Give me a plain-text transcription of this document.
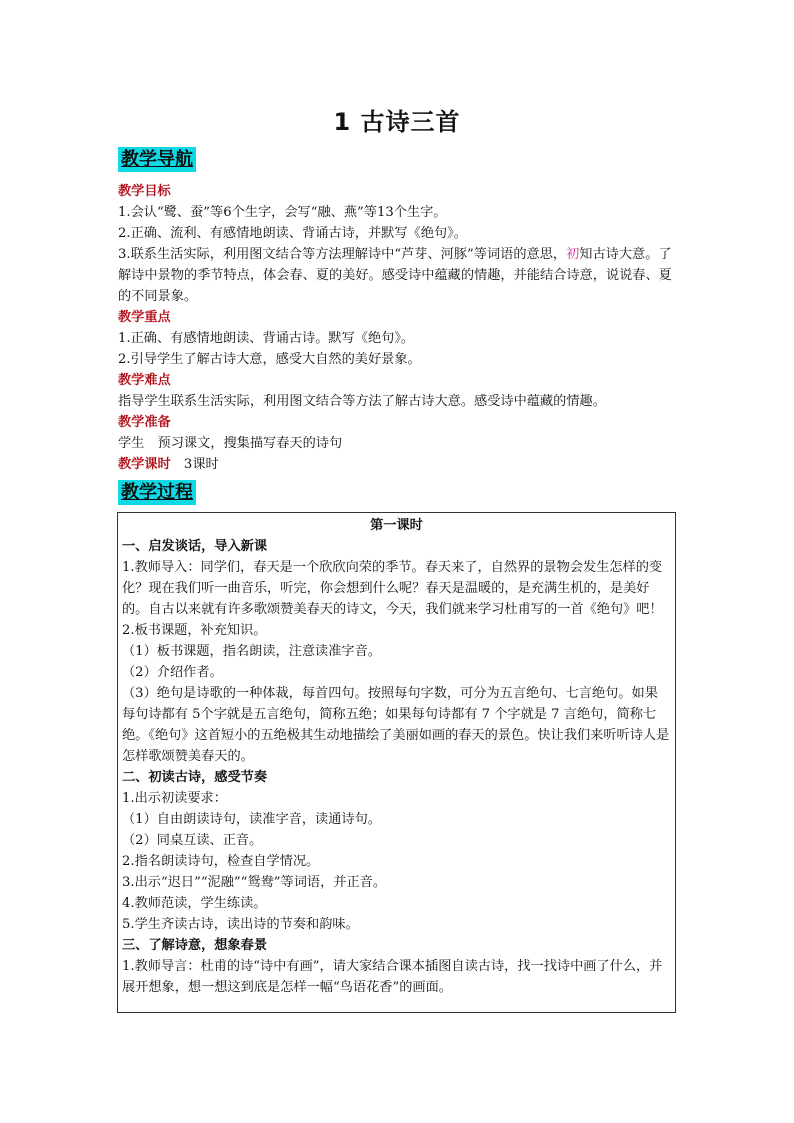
1 古诗三首
教学导航

教学目标

1.会认“鹭、蚕”等6个生字，会写“融、燕”等13个生字。

2.正确、流利、有感情地朗读、背诵古诗，并默写《绝句》。

3.联系生活实际，利用图文结合等方法理解诗中“芦芽、河豚”等词语的意思，初知古诗大意。了解诗中景物的季节特点，体会春、夏的美好。感受诗中蕴藏的情趣，并能结合诗意，说说春、夏的不同景象。

教学重点

1.正确、有感情地朗读、背诵古诗。默写《绝句》。

2.引导学生了解古诗大意，感受大自然的美好景象。

教学难点

指导学生联系生活实际，利用图文结合等方法了解古诗大意。感受诗中蕴藏的情趣。

教学准备

学生　预习课文，搜集描写春天的诗句

教学课时　3课时

教学过程

第一课时

一、启发谈话，导入新课

1.教师导入：同学们，春天是一个欣欣向荣的季节。春天来了，自然界的景物会发生怎样的变化？现在我们听一曲音乐，听完，你会想到什么呢？春天是温暖的，是充满生机的，是美好的。自古以来就有许多歌颂赞美春天的诗文，今天，我们就来学习杜甫写的一首《绝句》吧！

2.板书课题，补充知识。

（1）板书课题，指名朗读，注意读准字音。

（2）介绍作者。

（3）绝句是诗歌的一种体裁，每首四句。按照每句字数，可分为五言绝句、七言绝句。如果每句诗都有 5个字就是五言绝句，简称五绝；如果每句诗都有 7 个字就是 7 言绝句，简称七绝。《绝句》这首短小的五绝极其生动地描绘了美丽如画的春天的景色。快让我们来听听诗人是怎样歌颂赞美春天的。

二、初读古诗，感受节奏

1.出示初读要求：

（1）自由朗读诗句，读准字音，读通诗句。

（2）同桌互读、正音。

2.指名朗读诗句，检查自学情况。

3.出示“迟日”“泥融”“鸳鸯”等词语，并正音。

4.教师范读，学生练读。

5.学生齐读古诗，读出诗的节奏和韵味。

三、了解诗意，想象春景

1.教师导言：杜甫的诗“诗中有画”，请大家结合课本插图自读古诗，找一找诗中画了什么，并展开想象，想一想这到底是怎样一幅“鸟语花香”的画面。
